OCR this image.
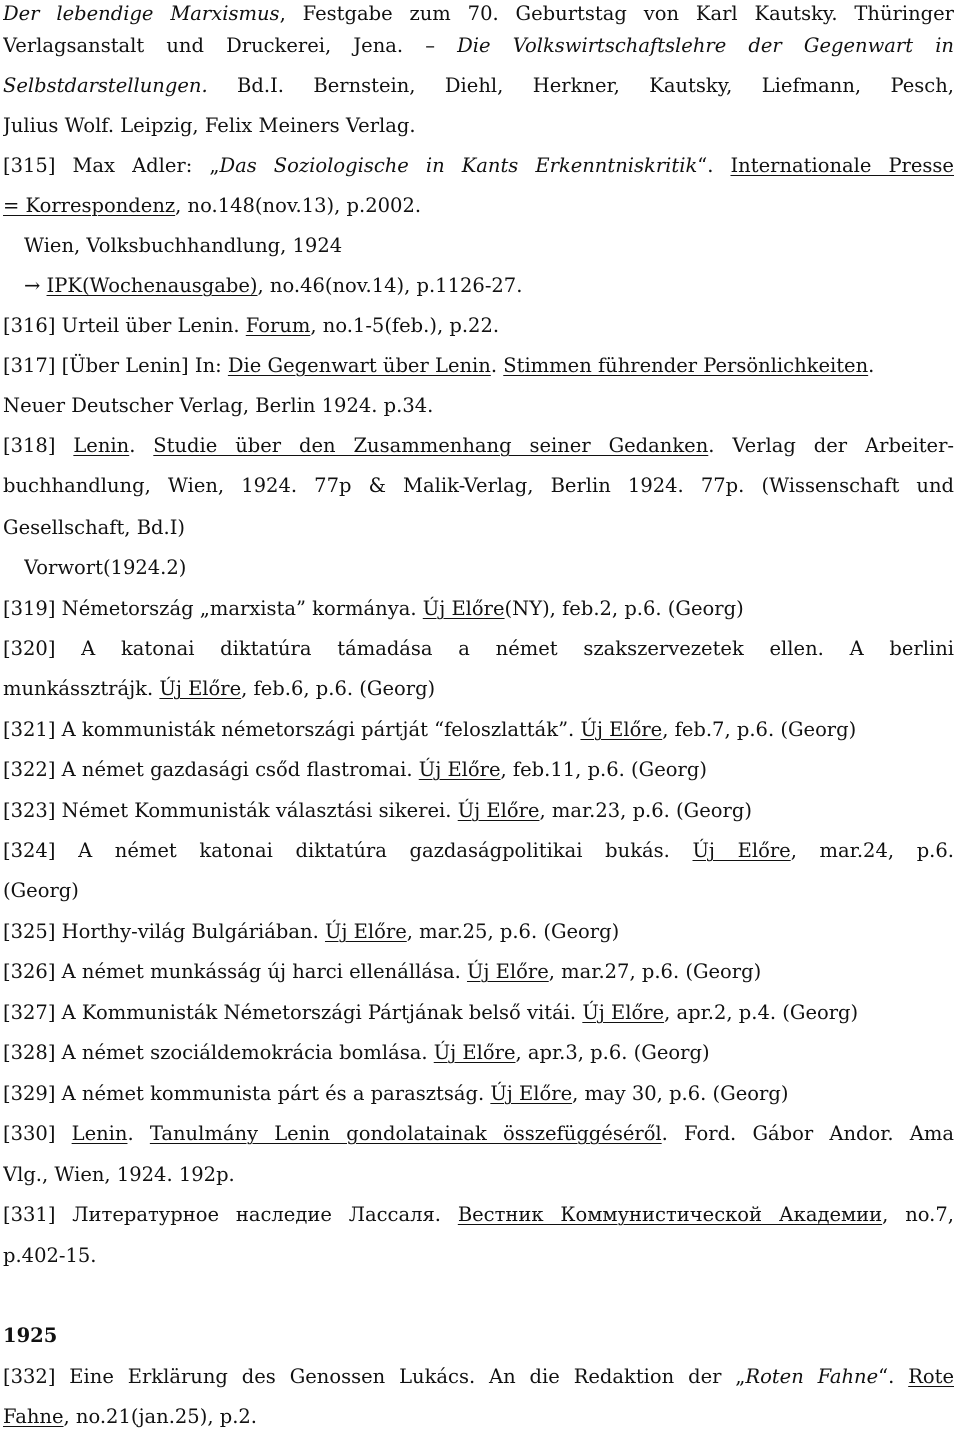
Der lebendige Marxismus, Festgabe zum 70. Geburtstag von Karl Kautsky. Thüringer
Verlagsanstalt und Druckerei, Jena. – Die Volkswirtschaftslehre der Gegenwart in
Selbstdarstellungen. Bd.I. Bernstein, Diehl, Herkner, Kautsky, Liefmann, Pesch,
Julius Wolf. Leipzig, Felix Meiners Verlag.
[315] Max Adler: „Das Soziologische in Kants Erkenntniskritik“. Internationale Presse
= Korrespondenz, no.148(nov.13), p.2002.
Wien, Volksbuchhandlung, 1924
→ IPK(Wochenausgabe), no.46(nov.14), p.1126-27.
[316] Urteil über Lenin. Forum, no.1-5(feb.), p.22.
[317] [Über Lenin] In: Die Gegenwart über Lenin. Stimmen führender Persönlichkeiten.
Neuer Deutscher Verlag, Berlin 1924. p.34.
[318] Lenin. Studie über den Zusammenhang seiner Gedanken. Verlag der Arbeiter-
buchhandlung, Wien, 1924. 77p & Malik-Verlag, Berlin 1924. 77p. (Wissenschaft und
Gesellschaft, Bd.I)
Vorwort(1924.2)
[319] Németország „marxista” kormánya. Új Előre(NY), feb.2, p.6. (Georg)
[320] A katonai diktatúra támadása a német szakszervezetek ellen. A berlini
munkássztrájk. Új Előre, feb.6, p.6. (Georg)
[321] A kommunisták németországi pártját “feloszlatták”. Új Előre, feb.7, p.6. (Georg)
[322] A német gazdasági csőd flastromai. Új Előre, feb.11, p.6. (Georg)
[323] Német Kommunisták választási sikerei. Új Előre, mar.23, p.6. (Georg)
[324] A német katonai diktatúra gazdaságpolitikai bukás. Új Előre, mar.24, p.6.
(Georg)
[325] Horthy-világ Bulgáriában. Új Előre, mar.25, p.6. (Georg)
[326] A német munkásság új harci ellenállása. Új Előre, mar.27, p.6. (Georg)
[327] A Kommunisták Németországi Pártjának belső vitái. Új Előre, apr.2, p.4. (Georg)
[328] A német szociáldemokrácia bomlása. Új Előre, apr.3, p.6. (Georg)
[329] A német kommunista párt és a parasztság. Új Előre, may 30, p.6. (Georg)
[330] Lenin. Tanulmány Lenin gondolatainak összefüggéséről. Ford. Gábor Andor. Ama
Vlg., Wien, 1924. 192p.
[331] Литературное наследие Лассаля. Вестник Коммунистической Академии, no.7,
p.402-15.
1925
[332] Eine Erklärung des Genossen Lukács. An die Redaktion der „Roten Fahne“. Rote
Fahne, no.21(jan.25), p.2.
